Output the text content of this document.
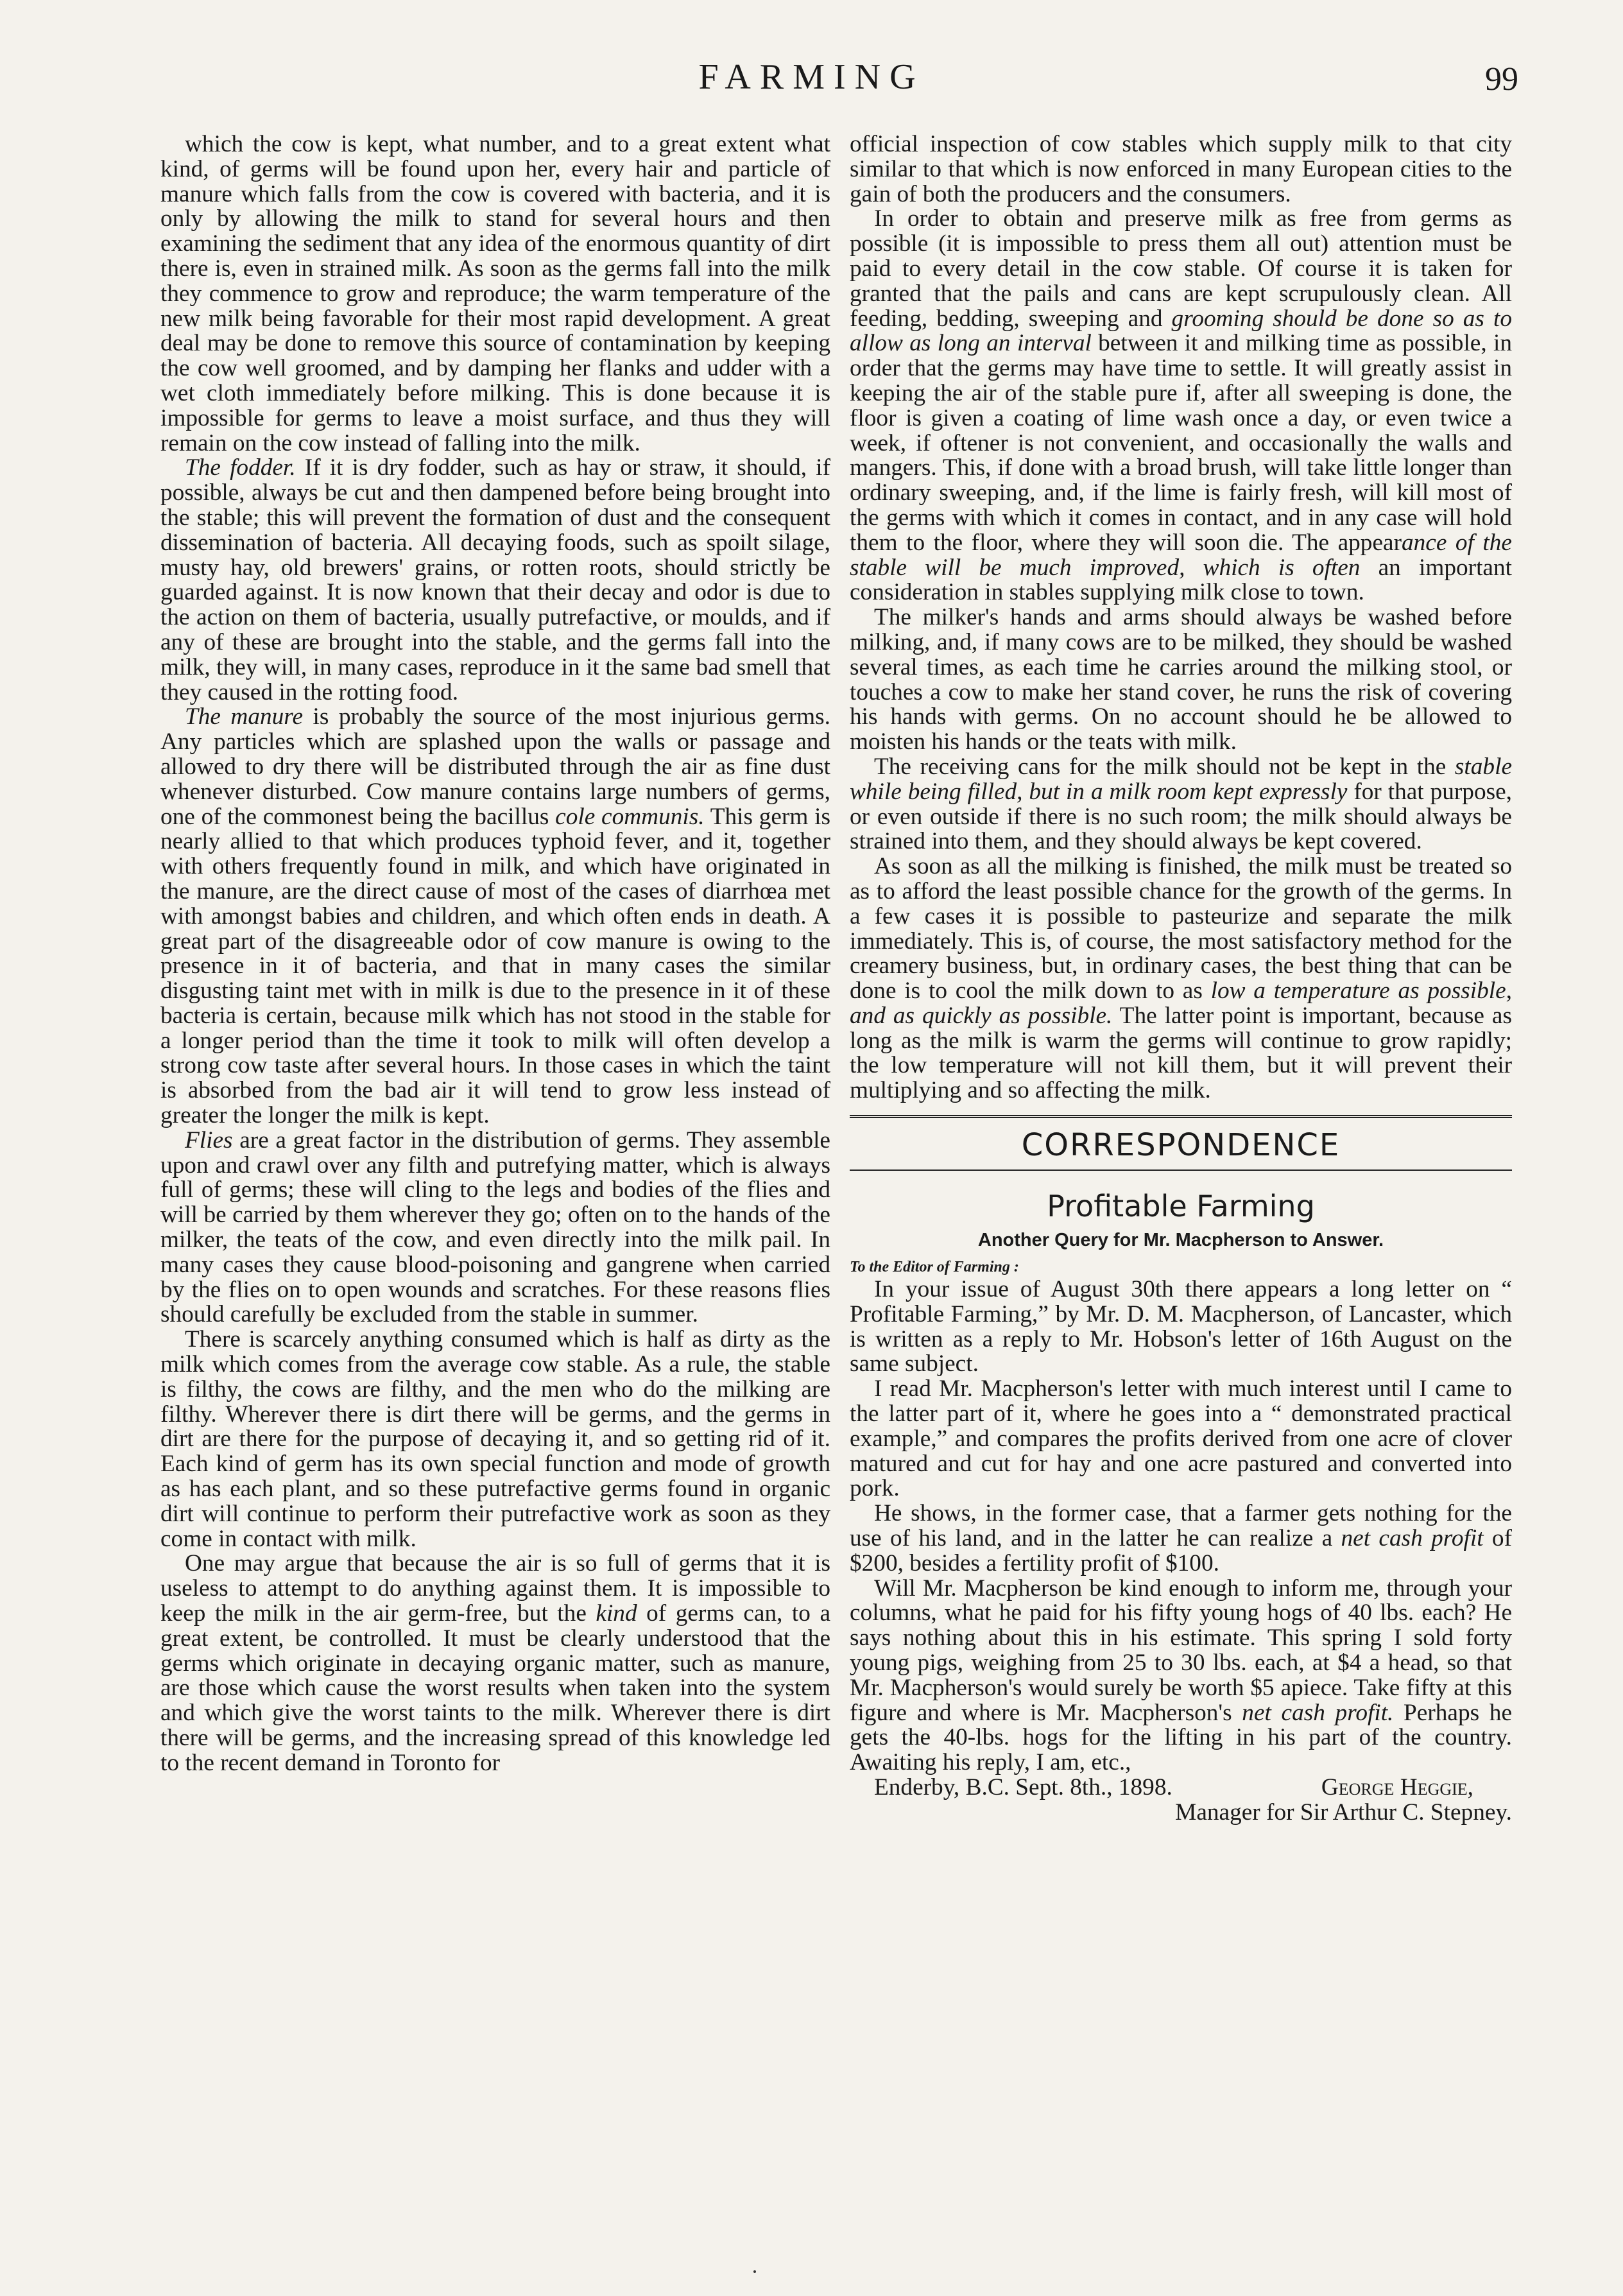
FARMING	99

which the cow is kept, what number, and to a great extent what kind, of germs will be found upon her, every hair and particle of manure which falls from the cow is covered with bacteria, and it is only by allowing the milk to stand for several hours and then examining the sediment that any idea of the enormous quantity of dirt there is, even in strained milk. As soon as the germs fall into the milk they commence to grow and reproduce; the warm temperature of the new milk being favorable for their most rapid development. A great deal may be done to remove this source of contamination by keeping the cow well groomed, and by damping her flanks and udder with a wet cloth immediately before milking. This is done because it is impossible for germs to leave a moist surface, and thus they will remain on the cow instead of falling into the milk.

The fodder. If it is dry fodder, such as hay or straw, it should, if possible, always be cut and then dampened before being brought into the stable; this will prevent the formation of dust and the consequent dissemination of bacteria. All decaying foods, such as spoilt silage, musty hay, old brewers' grains, or rotten roots, should strictly be guarded against. It is now known that their decay and odor is due to the action on them of bacteria, usually putrefactive, or moulds, and if any of these are brought into the stable, and the germs fall into the milk, they will, in many cases, reproduce in it the same bad smell that they caused in the rotting food.

The manure is probably the source of the most injurious germs. Any particles which are splashed upon the walls or passage and allowed to dry there will be distributed through the air as fine dust whenever disturbed. Cow manure contains large numbers of germs, one of the commonest being the bacillus cole communis. This germ is nearly allied to that which produces typhoid fever, and it, together with others frequently found in milk, and which have originated in the manure, are the direct cause of most of the cases of diarrhœa met with amongst babies and children, and which often ends in death. A great part of the disagreeable odor of cow manure is owing to the presence in it of bacteria, and that in many cases the similar disgusting taint met with in milk is due to the presence in it of these bacteria is certain, because milk which has not stood in the stable for a longer period than the time it took to milk will often develop a strong cow taste after several hours. In those cases in which the taint is absorbed from the bad air it will tend to grow less instead of greater the longer the milk is kept.

Flies are a great factor in the distribution of germs. They assemble upon and crawl over any filth and putrefying matter, which is always full of germs; these will cling to the legs and bodies of the flies and will be carried by them wherever they go; often on to the hands of the milker, the teats of the cow, and even directly into the milk pail. In many cases they cause blood-poisoning and gangrene when carried by the flies on to open wounds and scratches. For these reasons flies should carefully be excluded from the stable in summer.

There is scarcely anything consumed which is half as dirty as the milk which comes from the average cow stable. As a rule, the stable is filthy, the cows are filthy, and the men who do the milking are filthy. Wherever there is dirt there will be germs, and the germs in dirt are there for the purpose of decaying it, and so getting rid of it. Each kind of germ has its own special function and mode of growth as has each plant, and so these putrefactive germs found in organic dirt will continue to perform their putrefactive work as soon as they come in contact with milk.

One may argue that because the air is so full of germs that it is useless to attempt to do anything against them. It is impossible to keep the milk in the air germ-free, but the kind of germs can, to a great extent, be controlled. It must be clearly understood that the germs which originate in decaying organic matter, such as manure, are those which cause the worst results when taken into the system and which give the worst taints to the milk. Wherever there is dirt there will be germs, and the increasing spread of this knowledge led to the recent demand in Toronto for

official inspection of cow stables which supply milk to that city similar to that which is now enforced in many European cities to the gain of both the producers and the consumers.

In order to obtain and preserve milk as free from germs as possible (it is impossible to press them all out) attention must be paid to every detail in the cow stable. Of course it is taken for granted that the pails and cans are kept scrupulously clean. All feeding, bedding, sweeping and grooming should be done so as to allow as long an interval between it and milking time as possible, in order that the germs may have time to settle. It will greatly assist in keeping the air of the stable pure if, after all sweeping is done, the floor is given a coating of lime wash once a day, or even twice a week, if oftener is not convenient, and occasionally the walls and mangers. This, if done with a broad brush, will take little longer than ordinary sweeping, and, if the lime is fairly fresh, will kill most of the germs with which it comes in contact, and in any case will hold them to the floor, where they will soon die. The appearance of the stable will be much improved, which is often an important consideration in stables supplying milk close to town.

The milker's hands and arms should always be washed before milking, and, if many cows are to be milked, they should be washed several times, as each time he carries around the milking stool, or touches a cow to make her stand cover, he runs the risk of covering his hands with germs. On no account should he be allowed to moisten his hands or the teats with milk.

The receiving cans for the milk should not be kept in the stable while being filled, but in a milk room kept expressly for that purpose, or even outside if there is no such room; the milk should always be strained into them, and they should always be kept covered.

As soon as all the milking is finished, the milk must be treated so as to afford the least possible chance for the growth of the germs. In a few cases it is possible to pasteurize and separate the milk immediately. This is, of course, the most satisfactory method for the creamery business, but, in ordinary cases, the best thing that can be done is to cool the milk down to as low a temperature as possible, and as quickly as possible. The latter point is important, because as long as the milk is warm the germs will continue to grow rapidly; the low temperature will not kill them, but it will prevent their multiplying and so affecting the milk.

CORRESPONDENCE
Profitable Farming
Another Query for Mr. Macpherson to Answer.
To the Editor of Farming :

In your issue of August 30th there appears a long letter on “ Profitable Farming,” by Mr. D. M. Macpherson, of Lancaster, which is written as a reply to Mr. Hobson's letter of 16th August on the same subject.

I read Mr. Macpherson's letter with much interest until I came to the latter part of it, where he goes into a “ demonstrated practical example,” and compares the profits derived from one acre of clover matured and cut for hay and one acre pastured and converted into pork.

He shows, in the former case, that a farmer gets nothing for the use of his land, and in the latter he can realize a net cash profit of $200, besides a fertility profit of $100.

Will Mr. Macpherson be kind enough to inform me, through your columns, what he paid for his fifty young hogs of 40 lbs. each? He says nothing about this in his estimate. This spring I sold forty young pigs, weighing from 25 to 30 lbs. each, at $4 a head, so that Mr. Macpherson's would surely be worth $5 apiece. Take fifty at this figure and where is Mr. Macpherson's net cash profit. Perhaps he gets the 40-lbs. hogs for the lifting in his part of the country. Awaiting his reply, I am, etc.,

Enderby, B.C. Sept. 8th., 1898.	George Heggie,
Manager for Sir Arthur C. Stepney.
